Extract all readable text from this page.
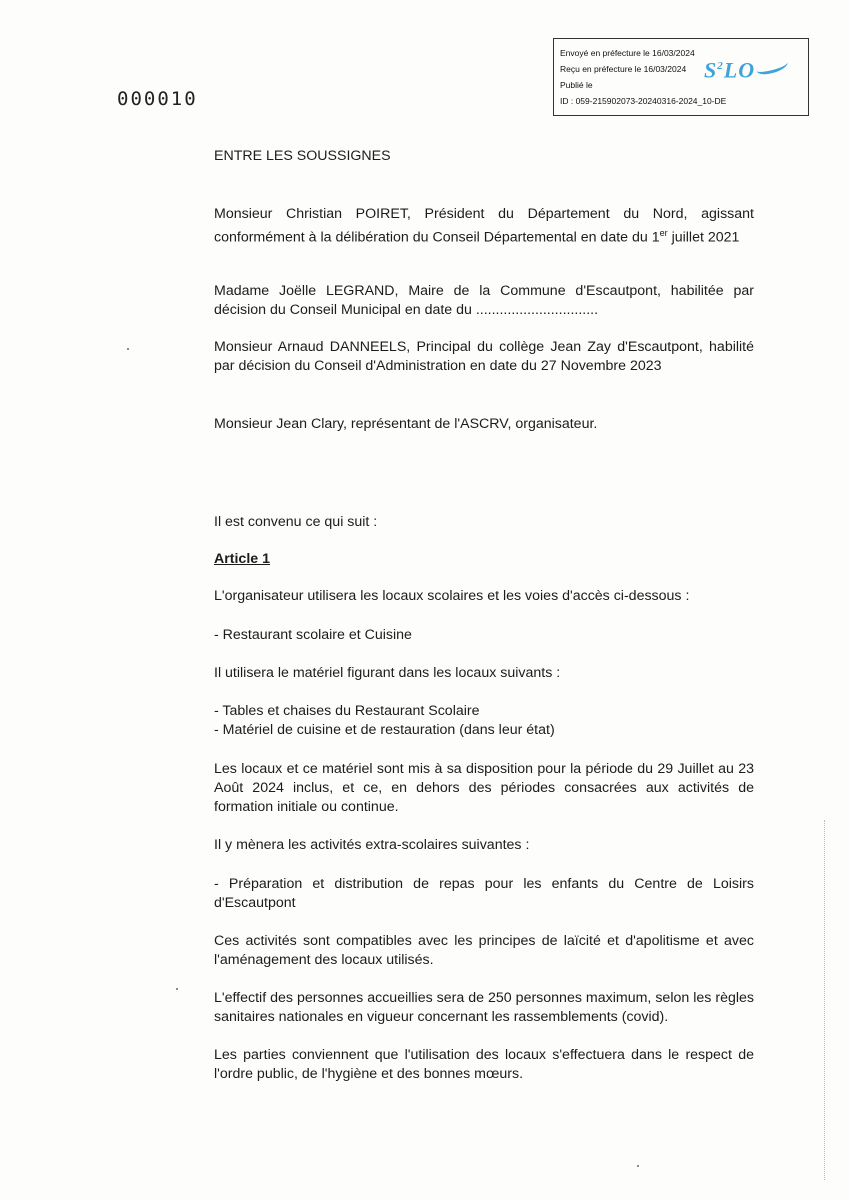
Envoyé en préfecture le 16/03/2024
Reçu en préfecture le 16/03/2024
Publié le
ID : 059-215902073-20240316-2024_10-DE
$S^2LO$
000010
ENTRE LES SOUSSIGNES
Monsieur Christian POIRET, Président du Département du Nord, agissant conformément à la délibération du Conseil Départemental en date du 1er juillet 2021
Madame Joëlle LEGRAND, Maire de la Commune d'Escautpont, habilitée par décision du Conseil Municipal en date du ...............................
Monsieur Arnaud DANNEELS, Principal du collège Jean Zay d'Escautpont, habilité par décision du Conseil d'Administration en date du 27 Novembre 2023
Monsieur Jean Clary, représentant de l'ASCRV, organisateur.
Il est convenu ce qui suit :
Article 1
L'organisateur utilisera les locaux scolaires et les voies d'accès ci-dessous :
- Restaurant scolaire et Cuisine
Il utilisera le matériel figurant dans les locaux suivants :
- Tables et chaises du Restaurant Scolaire
- Matériel de cuisine et de restauration (dans leur état)
Les locaux et ce matériel sont mis à sa disposition pour la période du 29 Juillet au 23 Août 2024 inclus, et ce, en dehors des périodes consacrées aux activités de formation initiale ou continue.
Il y mènera les activités extra-scolaires suivantes :
- Préparation et distribution de repas pour les enfants du Centre de Loisirs d'Escautpont
Ces activités sont compatibles avec les principes de laïcité et d'apolitisme et avec l'aménagement des locaux utilisés.
L'effectif des personnes accueillies sera de 250 personnes maximum, selon les règles sanitaires nationales en vigueur concernant les rassemblements (covid).
Les parties conviennent que l'utilisation des locaux s'effectuera dans le respect de l'ordre public, de l'hygiène et des bonnes mœurs.
